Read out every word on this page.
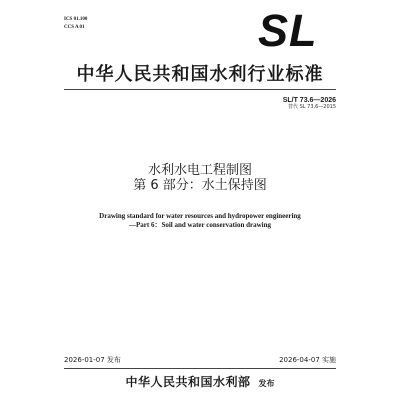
ICS 01.100
CCS A 01	SL
中华人民共和国水利行业标准
SL/T 73.6—2026
替代 SL 73.6—2015
水利水电工程制图
第 6 部分：水土保持图
Drawing standard for water resources and hydropower engineering
—Part 6：Soil and water conservation drawing
2026-01-07 发布	2026-04-07 实施
中华人民共和国水利部 发布
